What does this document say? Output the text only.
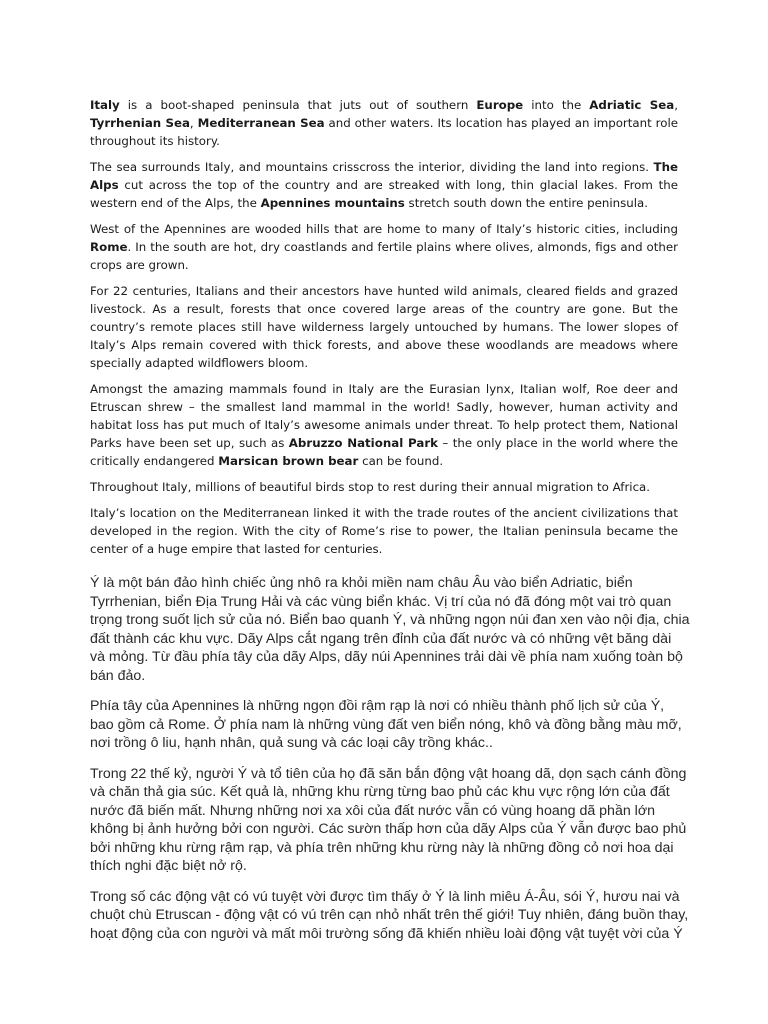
Italy is a boot-shaped peninsula that juts out of southern Europe into the Adriatic Sea, Tyrrhenian Sea, Mediterranean Sea and other waters. Its location has played an important role throughout its history.

The sea surrounds Italy, and mountains crisscross the interior, dividing the land into regions. The Alps cut across the top of the country and are streaked with long, thin glacial lakes. From the western end of the Alps, the Apennines mountains stretch south down the entire peninsula.

West of the Apennines are wooded hills that are home to many of Italy’s historic cities, including Rome. In the south are hot, dry coastlands and fertile plains where olives, almonds, figs and other crops are grown.

For 22 centuries, Italians and their ancestors have hunted wild animals, cleared fields and grazed livestock. As a result, forests that once covered large areas of the country are gone. But the country’s remote places still have wilderness largely untouched by humans. The lower slopes of Italy’s Alps remain covered with thick forests, and above these woodlands are meadows where specially adapted wildflowers bloom.

Amongst the amazing mammals found in Italy are the Eurasian lynx, Italian wolf, Roe deer and Etruscan shrew – the smallest land mammal in the world! Sadly, however, human activity and habitat loss has put much of Italy’s awesome animals under threat. To help protect them, National Parks have been set up, such as Abruzzo National Park – the only place in the world where the critically endangered Marsican brown bear can be found.

Throughout Italy, millions of beautiful birds stop to rest during their annual migration to Africa.

Italy’s location on the Mediterranean linked it with the trade routes of the ancient civilizations that developed in the region. With the city of Rome’s rise to power, the Italian peninsula became the center of a huge empire that lasted for centuries.

Ý là một bán đảo hình chiếc ủng nhô ra khỏi miền nam châu Âu vào biển Adriatic, biển Tyrrhenian, biển Địa Trung Hải và các vùng biển khác. Vị trí của nó đã đóng một vai trò quan trọng trong suốt lịch sử của nó. Biển bao quanh Ý, và những ngọn núi đan xen vào nội địa, chia đất thành các khu vực. Dãy Alps cắt ngang trên đỉnh của đất nước và có những vệt băng dài và mỏng. Từ đầu phía tây của dãy Alps, dãy núi Apennines trải dài về phía nam xuống toàn bộ bán đảo.

Phía tây của Apennines là những ngọn đồi rậm rạp là nơi có nhiều thành phố lịch sử của Ý, bao gồm cả Rome. Ở phía nam là những vùng đất ven biển nóng, khô và đồng bằng màu mỡ, nơi trồng ô liu, hạnh nhân, quả sung và các loại cây trồng khác..

Trong 22 thế kỷ, người Ý và tổ tiên của họ đã săn bắn động vật hoang dã, dọn sạch cánh đồng và chăn thả gia súc. Kết quả là, những khu rừng từng bao phủ các khu vực rộng lớn của đất nước đã biến mất. Nhưng những nơi xa xôi của đất nước vẫn có vùng hoang dã phần lớn không bị ảnh hưởng bởi con người. Các sườn thấp hơn của dãy Alps của Ý vẫn được bao phủ bởi những khu rừng rậm rạp, và phía trên những khu rừng này là những đồng cỏ nơi hoa dại thích nghi đặc biệt nở rộ.

Trong số các động vật có vú tuyệt vời được tìm thấy ở Ý là linh miêu Á-Âu, sói Ý, hươu nai và chuột chù Etruscan - động vật có vú trên cạn nhỏ nhất trên thế giới! Tuy nhiên, đáng buồn thay, hoạt động của con người và mất môi trường sống đã khiến nhiều loài động vật tuyệt vời của Ý
